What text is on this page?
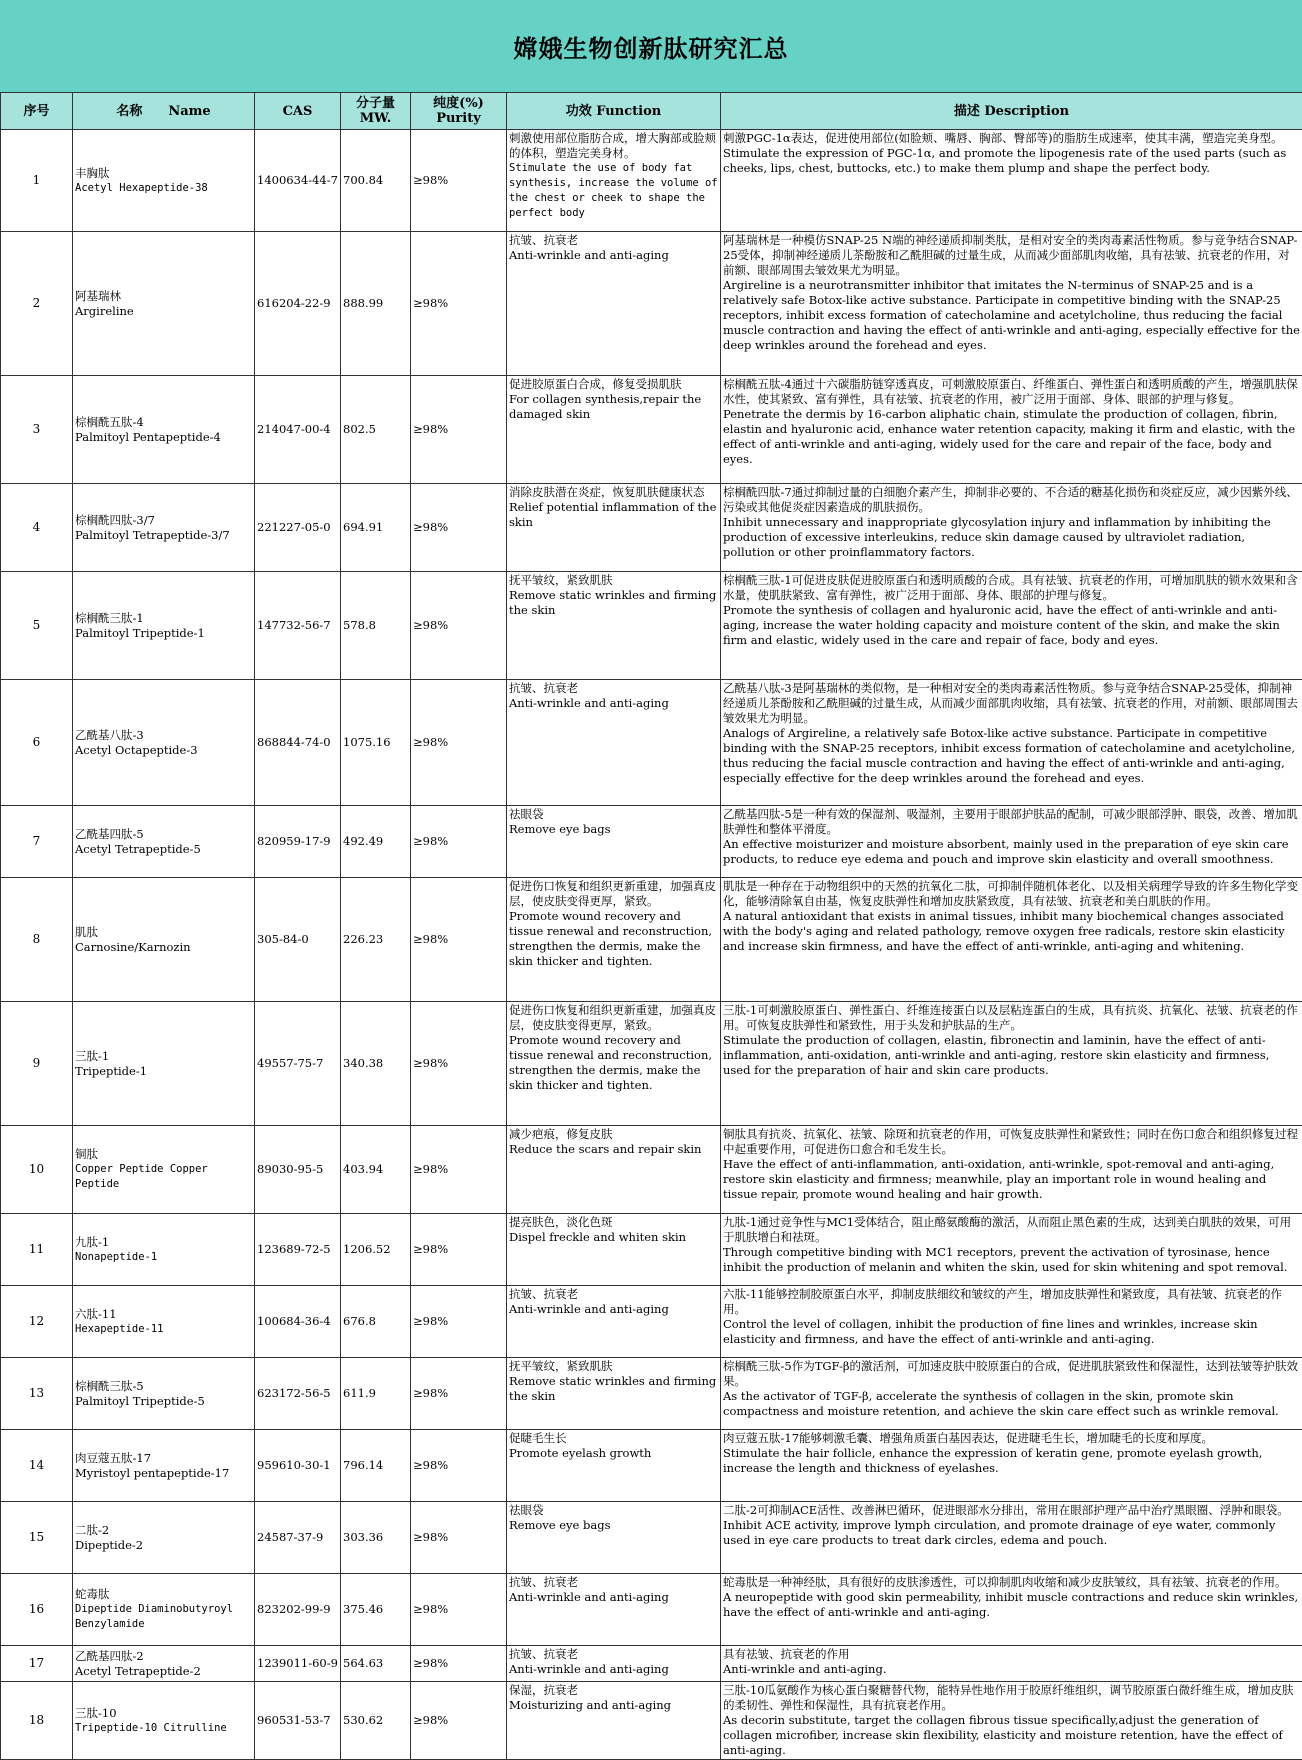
嫦娥生物创新肽研究汇总
序号	名称　　Name	CAS	分子量
MW.	纯度(%)
Purity	功效 Function	描述 Description
1	丰胸肽
Acetyl Hexapeptide-38	1400634-44-7	700.84	≥98%	刺激使用部位脂肪合成，增大胸部或脸颊的体积，塑造完美身材。
Stimulate the use of body fat synthesis, increase the volume of the chest or cheek to shape the perfect body	刺激PGC-1α表达，促进使用部位(如脸颊、嘴唇、胸部、臀部等)的脂肪生成速率，使其丰满，塑造完美身型。
Stimulate the expression of PGC-1α, and promote the lipogenesis rate of the used parts (such as cheeks, lips, chest, buttocks, etc.) to make them plump and shape the perfect body.

2	阿基瑞林
Argireline	616204-22-9	888.99	≥98%	抗皱、抗衰老
Anti-wrinkle and anti-aging	阿基瑞林是一种模仿SNAP-25 N端的神经递质抑制类肽，是相对安全的类肉毒素活性物质。参与竞争结合SNAP-25受体，抑制神经递质儿茶酚胺和乙酰胆碱的过量生成，从而减少面部肌肉收缩，具有祛皱、抗衰老的作用，对前额、眼部周围去皱效果尤为明显。
Argireline is a neurotransmitter inhibitor that imitates the N-terminus of SNAP-25 and is a relatively safe Botox-like active substance. Participate in competitive binding with the SNAP-25 receptors, inhibit excess formation of catecholamine and acetylcholine, thus reducing the facial muscle contraction and having the effect of anti-wrinkle and anti-aging, especially effective for the deep wrinkles around the forehead and eyes.

3	棕榈酰五肽-4
Palmitoyl Pentapeptide-4	214047-00-4	802.5	≥98%	促进胶原蛋白合成，修复受损肌肤
For collagen synthesis,repair the damaged skin	棕榈酰五肽-4通过十六碳脂肪链穿透真皮，可刺激胶原蛋白、纤维蛋白、弹性蛋白和透明质酸的产生，增强肌肤保水性，使其紧致、富有弹性，具有祛皱、抗衰老的作用，被广泛用于面部、身体、眼部的护理与修复。
Penetrate the dermis by 16-carbon aliphatic chain, stimulate the production of collagen, fibrin, elastin and hyaluronic acid, enhance water retention capacity, making it firm and elastic, with the effect of anti-wrinkle and anti-aging, widely used for the care and repair of the face, body and eyes.

4	棕榈酰四肽-3/7
Palmitoyl Tetrapeptide-3/7	221227-05-0	694.91	≥98%	消除皮肤潜在炎症，恢复肌肤健康状态
Relief potential inflammation of the skin	棕榈酰四肽-7通过抑制过量的白细胞介素产生，抑制非必要的、不合适的糖基化损伤和炎症反应，减少因紫外线、污染或其他促炎症因素造成的肌肤损伤。
Inhibit unnecessary and inappropriate glycosylation injury and inflammation by inhibiting the production of excessive interleukins, reduce skin damage caused by ultraviolet radiation, pollution or other proinflammatory factors.

5	棕榈酰三肽-1
Palmitoyl Tripeptide-1	147732-56-7	578.8	≥98%	抚平皱纹，紧致肌肤
Remove static wrinkles and firming the skin	棕榈酰三肽-1可促进皮肤促进胶原蛋白和透明质酸的合成。具有祛皱、抗衰老的作用，可增加肌肤的锁水效果和含水量，使肌肤紧致、富有弹性，被广泛用于面部、身体、眼部的护理与修复。
Promote the synthesis of collagen and hyaluronic acid, have the effect of anti-wrinkle and anti-aging, increase the water holding capacity and moisture content of the skin, and make the skin firm and elastic, widely used in the care and repair of face, body and eyes.

6	乙酰基八肽-3
Acetyl Octapeptide-3	868844-74-0	1075.16	≥98%	抗皱、抗衰老
Anti-wrinkle and anti-aging	乙酰基八肽-3是阿基瑞林的类似物，是一种相对安全的类肉毒素活性物质。参与竞争结合SNAP-25受体，抑制神经递质儿茶酚胺和乙酰胆碱的过量生成，从而减少面部肌肉收缩，具有祛皱、抗衰老的作用，对前额、眼部周围去皱效果尤为明显。
Analogs of Argireline, a relatively safe Botox-like active substance. Participate in competitive binding with the SNAP-25 receptors, inhibit excess formation of catecholamine and acetylcholine, thus reducing the facial muscle contraction and having the effect of anti-wrinkle and anti-aging, especially effective for the deep wrinkles around the forehead and eyes.

7	乙酰基四肽-5
Acetyl Tetrapeptide-5	820959-17-9	492.49	≥98%	祛眼袋
Remove eye bags	乙酰基四肽-5是一种有效的保湿剂、吸湿剂，主要用于眼部护肤品的配制，可减少眼部浮肿、眼袋，改善、增加肌肤弹性和整体平滑度。
An effective moisturizer and moisture absorbent, mainly used in the preparation of eye skin care products, to reduce eye edema and pouch and improve skin elasticity and overall smoothness.

8	肌肽
Carnosine/Karnozin	305-84-0	226.23	≥98%	促进伤口恢复和组织更新重建，加强真皮层，使皮肤变得更厚，紧致。
Promote wound recovery and tissue renewal and reconstruction, strengthen the dermis, make the skin thicker and tighten.	肌肽是一种存在于动物组织中的天然的抗氧化二肽，可抑制伴随机体老化、以及相关病理学导致的许多生物化学变化，能够清除氧自由基，恢复皮肤弹性和增加皮肤紧致度，具有祛皱、抗衰老和美白肌肤的作用。
A natural antioxidant that exists in animal tissues, inhibit many biochemical changes associated with the body's aging and related pathology, remove oxygen free radicals, restore skin elasticity and increase skin firmness, and have the effect of anti-wrinkle, anti-aging and whitening.

9	三肽-1
Tripeptide-1	49557-75-7	340.38	≥98%	促进伤口恢复和组织更新重建，加强真皮层，使皮肤变得更厚，紧致。
Promote wound recovery and tissue renewal and reconstruction, strengthen the dermis, make the skin thicker and tighten.	三肽-1可刺激胶原蛋白、弹性蛋白、纤维连接蛋白以及层粘连蛋白的生成，具有抗炎、抗氧化、祛皱、抗衰老的作用。可恢复皮肤弹性和紧致性，用于头发和护肤品的生产。
Stimulate the production of collagen, elastin, fibronectin and laminin, have the effect of anti-inflammation, anti-oxidation, anti-wrinkle and anti-aging, restore skin elasticity and firmness, used for the preparation of hair and skin care products.

10	铜肽
Copper Peptide Copper Peptide	89030-95-5	403.94	≥98%	减少疤痕，修复皮肤
Reduce the scars and repair skin	铜肽具有抗炎、抗氧化、祛皱、除斑和抗衰老的作用，可恢复皮肤弹性和紧致性；同时在伤口愈合和组织修复过程中起重要作用，可促进伤口愈合和毛发生长。
Have the effect of anti-inflammation, anti-oxidation, anti-wrinkle, spot-removal and anti-aging, restore skin elasticity and firmness; meanwhile, play an important role in wound healing and tissue repair, promote wound healing and hair growth.

11	九肽-1
Nonapeptide-1	123689-72-5	1206.52	≥98%	提亮肤色，淡化色斑
Dispel freckle and whiten skin	九肽-1通过竞争性与MC1受体结合，阻止酪氨酸酶的激活，从而阻止黑色素的生成，达到美白肌肤的效果，可用于肌肤增白和祛斑。
Through competitive binding with MC1 receptors, prevent the activation of tyrosinase, hence inhibit the production of melanin and whiten the skin, used for skin whitening and spot removal.

12	六肽-11
Hexapeptide-11	100684-36-4	676.8	≥98%	抗皱、抗衰老
Anti-wrinkle and anti-aging	六肽-11能够控制胶原蛋白水平，抑制皮肤细纹和皱纹的产生，增加皮肤弹性和紧致度，具有祛皱、抗衰老的作用。
Control the level of collagen, inhibit the production of fine lines and wrinkles, increase skin elasticity and firmness, and have the effect of anti-wrinkle and anti-aging.

13	棕榈酰三肽-5
Palmitoyl Tripeptide-5	623172-56-5	611.9	≥98%	抚平皱纹，紧致肌肤
Remove static wrinkles and firming the skin	棕榈酰三肽-5作为TGF-β的激活剂，可加速皮肤中胶原蛋白的合成，促进肌肤紧致性和保湿性，达到祛皱等护肤效果。
As the activator of TGF-β, accelerate the synthesis of collagen in the skin, promote skin compactness and moisture retention, and achieve the skin care effect such as wrinkle removal.

14	肉豆蔻五肽-17
Myristoyl pentapeptide-17	959610-30-1	796.14	≥98%	促睫毛生长
Promote eyelash growth	肉豆蔻五肽-17能够刺激毛囊、增强角质蛋白基因表达，促进睫毛生长，增加睫毛的长度和厚度。
Stimulate the hair follicle, enhance the expression of keratin gene, promote eyelash growth, increase the length and thickness of eyelashes.

15	二肽-2
Dipeptide-2	24587-37-9	303.36	≥98%	祛眼袋
Remove eye bags	二肽-2可抑制ACE活性、改善淋巴循环，促进眼部水分排出，常用在眼部护理产品中治疗黑眼圈、浮肿和眼袋。
Inhibit ACE activity, improve lymph circulation, and promote drainage of eye water, commonly used in eye care products to treat dark circles, edema and pouch.

16	蛇毒肽
Dipeptide Diaminobutyroyl Benzylamide	823202-99-9	375.46	≥98%	抗皱、抗衰老
Anti-wrinkle and anti-aging	蛇毒肽是一种神经肽，具有很好的皮肤渗透性，可以抑制肌肉收缩和减少皮肤皱纹，具有祛皱、抗衰老的作用。
A neuropeptide with good skin permeability, inhibit muscle contractions and reduce skin wrinkles, have the effect of anti-wrinkle and anti-aging.

17	乙酰基四肽-2
Acetyl Tetrapeptide-2	1239011-60-9	564.63	≥98%	抗皱、抗衰老
Anti-wrinkle and anti-aging	具有祛皱、抗衰老的作用
Anti-wrinkle and anti-aging.

18	三肽-10
Tripeptide-10 Citrulline	960531-53-7	530.62	≥98%	保湿，抗衰老
Moisturizing and anti-aging	三肽-10瓜氨酸作为核心蛋白聚糖替代物，能特异性地作用于胶原纤维组织，调节胶原蛋白微纤维生成，增加皮肤的柔韧性、弹性和保湿性，具有抗衰老作用。
As decorin substitute, target the collagen fibrous tissue specifically,adjust the generation of collagen microfiber, increase skin flexibility, elasticity and moisture retention, have the effect of anti-aging.
